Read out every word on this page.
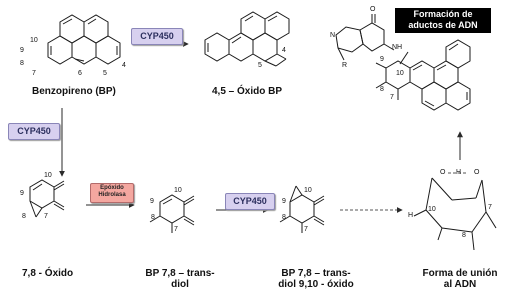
Formación de
aductos de ADN
CYP450
CYP450
CYP450
Epóxido
Hidrolasa
Benzopireno (BP)	4,5 – Óxido BP
7,8 - Óxido	BP 7,8 – trans-
diol
BP 7,8 – trans-
diol 9,10 - óxido
Forma de unión
al ADN
10
9
8
7	6	5
4	5
4
10
9
8	7
10
9
8
7
10
9
8
7
9
10
8
7
R
N
NH
O
O H O
H
10
8
7
